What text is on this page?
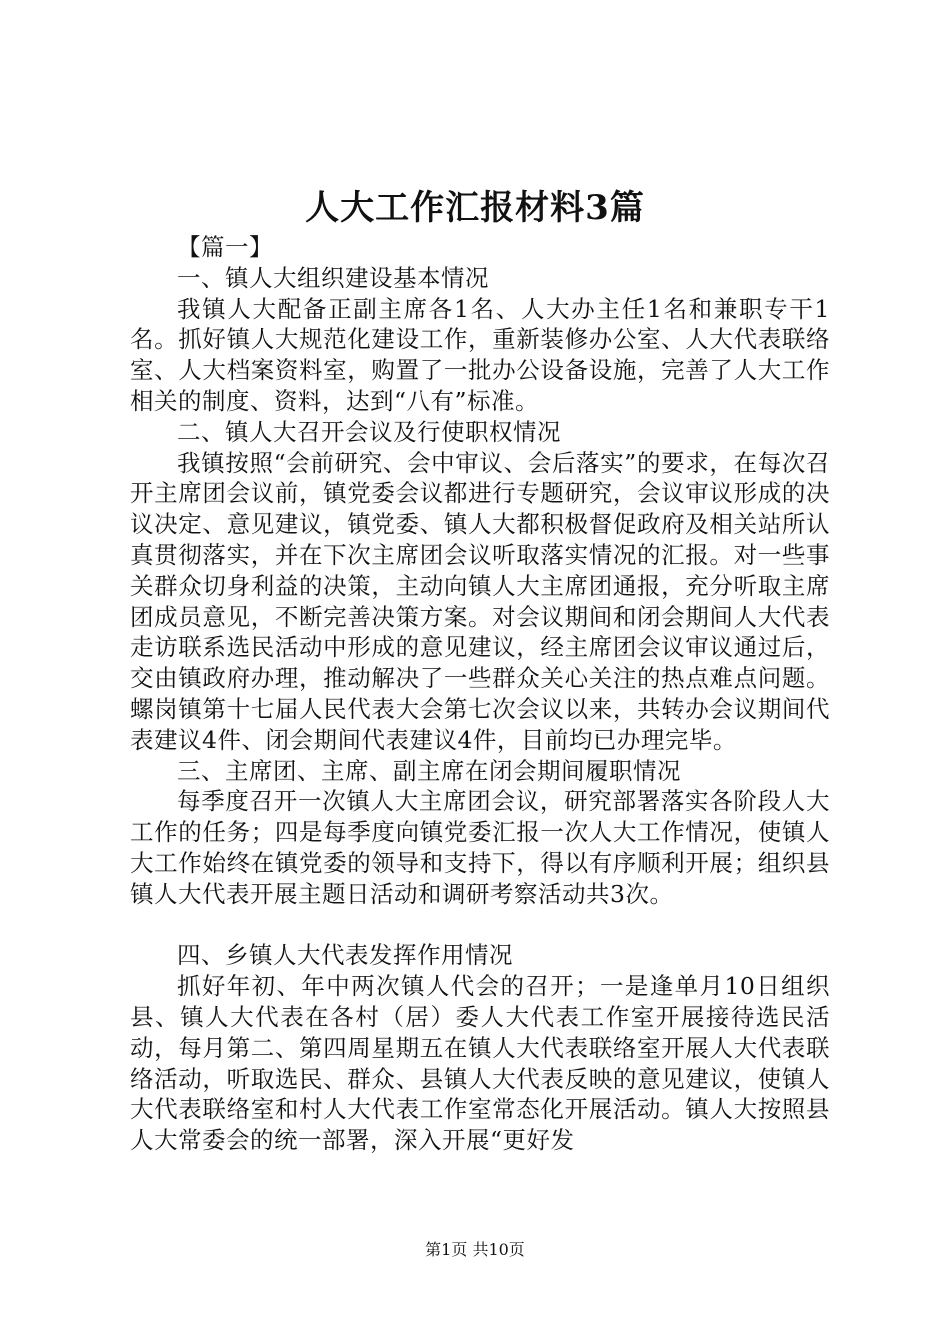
人大工作汇报材料3篇

【篇一】

一、镇人大组织建设基本情况

我镇人大配备正副主席各1名、人大办主任1名和兼职专干1名。抓好镇人大规范化建设工作，重新装修办公室、人大代表联络室、人大档案资料室，购置了一批办公设备设施，完善了人大工作相关的制度、资料，达到“八有”标准。

二、镇人大召开会议及行使职权情况

我镇按照“会前研究、会中审议、会后落实”的要求，在每次召开主席团会议前，镇党委会议都进行专题研究，会议审议形成的决议决定、意见建议，镇党委、镇人大都积极督促政府及相关站所认真贯彻落实，并在下次主席团会议听取落实情况的汇报。对一些事关群众切身利益的决策，主动向镇人大主席团通报，充分听取主席团成员意见，不断完善决策方案。对会议期间和闭会期间人大代表走访联系选民活动中形成的意见建议，经主席团会议审议通过后，交由镇政府办理，推动解决了一些群众关心关注的热点难点问题。螺岗镇第十七届人民代表大会第七次会议以来，共转办会议期间代表建议4件、闭会期间代表建议4件，目前均已办理完毕。

三、主席团、主席、副主席在闭会期间履职情况

每季度召开一次镇人大主席团会议，研究部署落实各阶段人大工作的任务；四是每季度向镇党委汇报一次人大工作情况，使镇人大工作始终在镇党委的领导和支持下，得以有序顺利开展；组织县镇人大代表开展主题日活动和调研考察活动共3次。

四、乡镇人大代表发挥作用情况

抓好年初、年中两次镇人代会的召开；一是逢单月10日组织县、镇人大代表在各村（居）委人大代表工作室开展接待选民活动，每月第二、第四周星期五在镇人大代表联络室开展人大代表联络活动，听取选民、群众、县镇人大代表反映的意见建议，使镇人大代表联络室和村人大代表工作室常态化开展活动。镇人大按照县人大常委会的统一部署，深入开展“更好发

第1页 共10页
